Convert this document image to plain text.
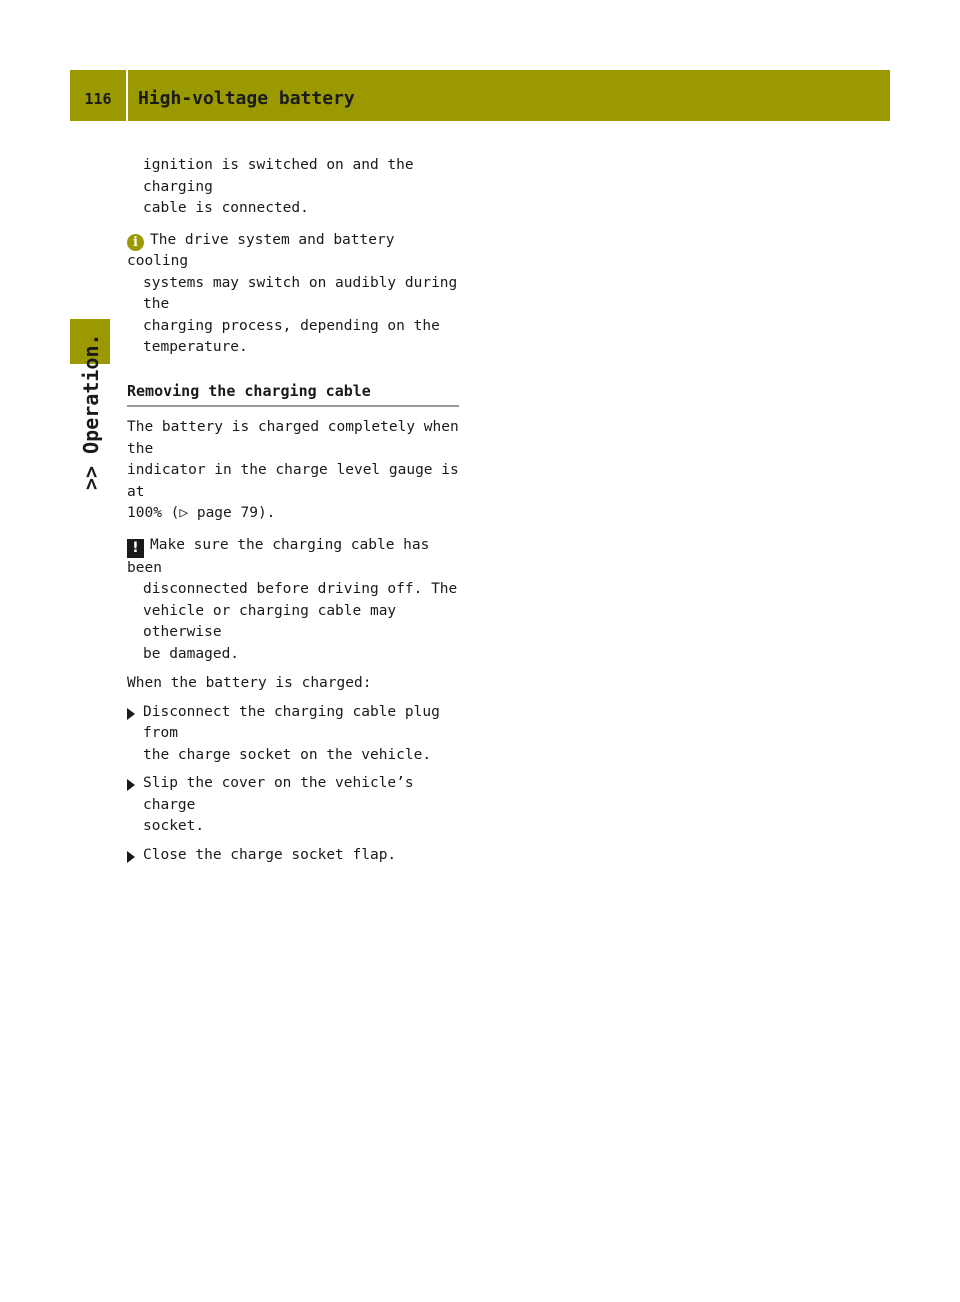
116	High-voltage battery
>> Operation.

ignition is switched on and the charging

cable is connected.

i The drive system and battery cooling

systems may switch on audibly during the

charging process, depending on the

temperature.

Removing the charging cable

The battery is charged completely when the

indicator in the charge level gauge is at

100% (▷ page 79).

! Make sure the charging cable has been

disconnected before driving off. The

vehicle or charging cable may otherwise

be damaged.

When the battery is charged:

Disconnect the charging cable plug from

the charge socket on the vehicle.

Slip the cover on the vehicle’s charge

socket.

Close the charge socket flap.
